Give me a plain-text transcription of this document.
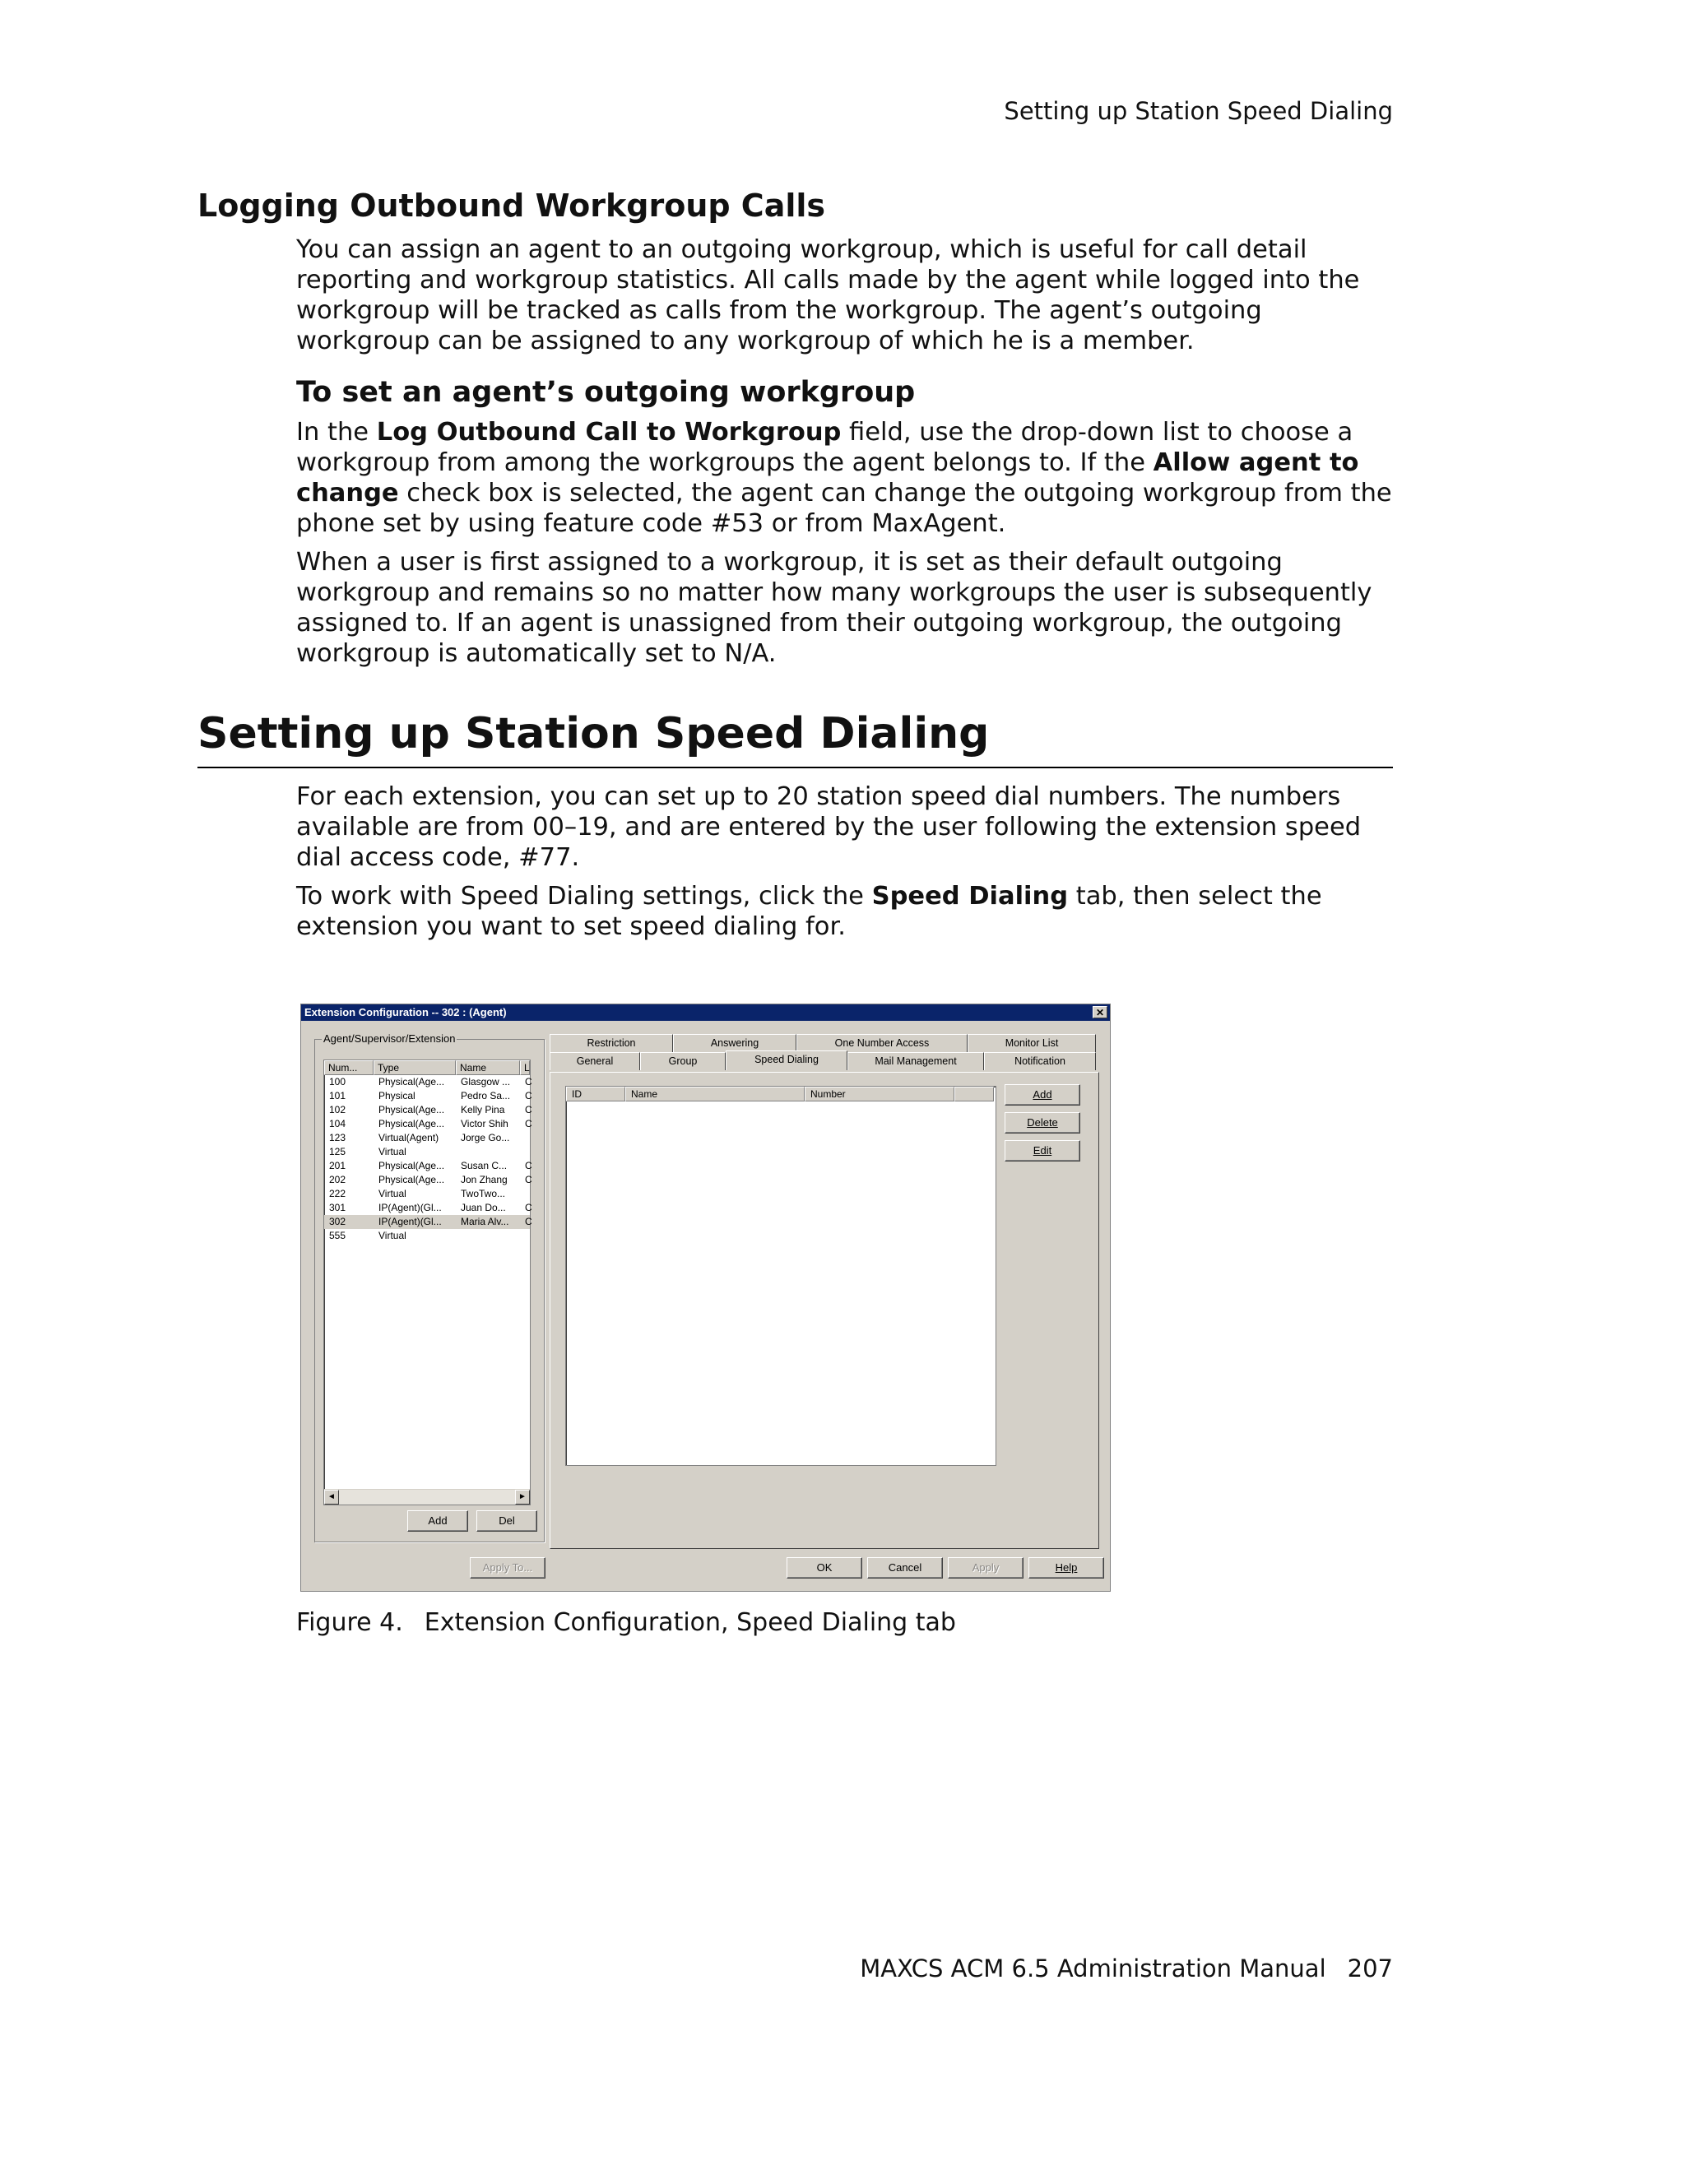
Setting up Station Speed Dialing
Logging Outbound Workgroup Calls

You can assign an agent to an outgoing workgroup, which is useful for call detail reporting and workgroup statistics. All calls made by the agent while logged into the workgroup will be tracked as calls from the workgroup. The agent’s outgoing workgroup can be assigned to any workgroup of which he is a member.

To set an agent’s outgoing workgroup

In the Log Outbound Call to Workgroup field, use the drop-down list to choose a workgroup from among the workgroups the agent belongs to. If the Allow agent to change check box is selected, the agent can change the outgoing workgroup from the phone set by using feature code #53 or from MaxAgent.

When a user is first assigned to a workgroup, it is set as their default outgoing workgroup and remains so no matter how many workgroups the user is subsequently assigned to. If an agent is unassigned from their outgoing workgroup, the outgoing workgroup is automatically set to N/A.

Setting up Station Speed Dialing

For each extension, you can set up to 20 station speed dial numbers. The numbers available are from 00–19, and are entered by the user following the extension speed dial access code, #77.

To work with Speed Dialing settings, click the Speed Dialing tab, then select the extension you want to set speed dialing for.

Extension Configuration -- 302 : (Agent)	✕
Agent/Supervisor/Extension
Num...	Type	Name	L
100	Physical(Age...	Glasgow ...	C
101	Physical	Pedro Sa...	C
102	Physical(Age...	Kelly Pina	C
104	Physical(Age...	Victor Shih	C
123	Virtual(Agent)	Jorge Go...
125	Virtual
201	Physical(Age...	Susan C...	C
202	Physical(Age...	Jon Zhang	C
222	Virtual	TwoTwo...
301	IP(Agent)(Gl...	Juan Do...	C
302	IP(Agent)(Gl...	Maria Alv...	C
555	Virtual
◄	►
Add	Del
Restriction	Answering	One Number Access	Monitor List
General	Group	Speed Dialing	Mail Management	Notification
ID	Name	Number	Add
Delete
Edit
Apply To...	OK	Cancel	Apply	Help
Figure 4. Extension Configuration, Speed Dialing tab
MAXCS ACM 6.5 Administration Manual 207
